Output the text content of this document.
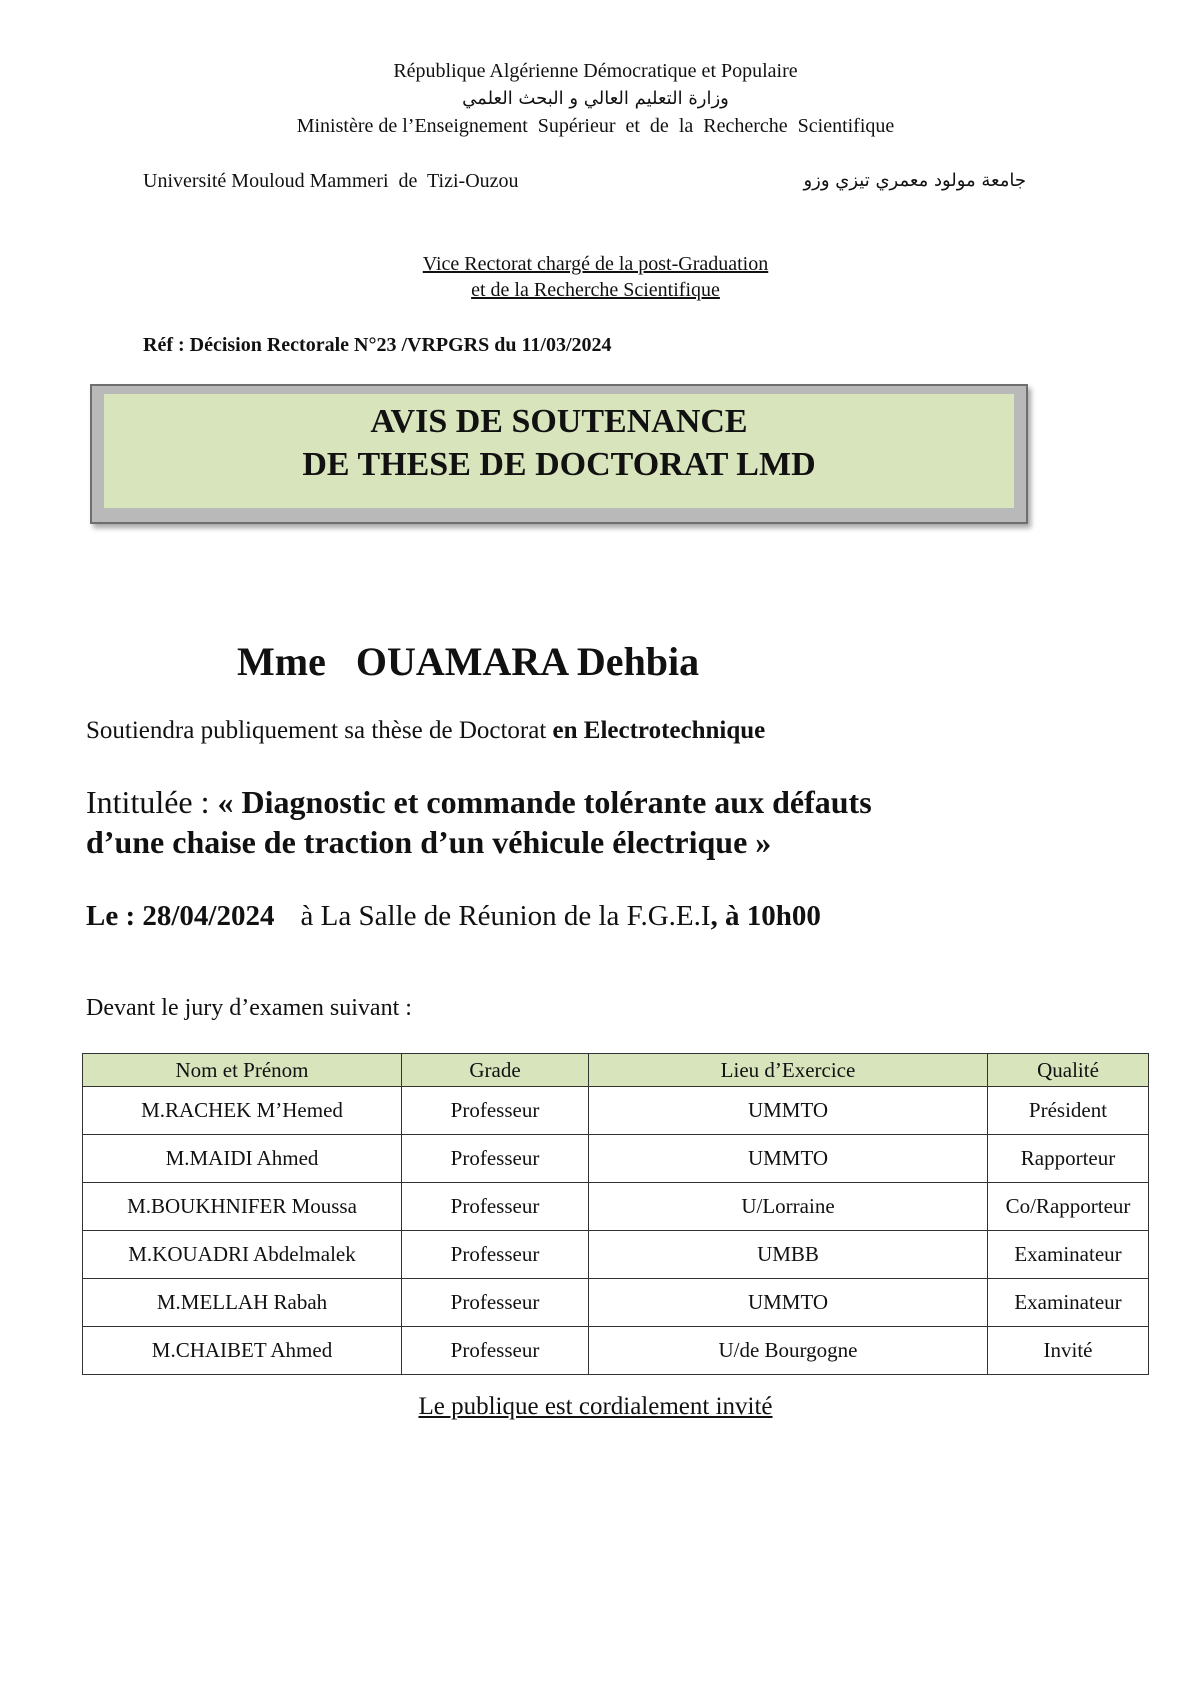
République Algérienne Démocratique et Populaire
وزارة التعليم العالي و البحث العلمي
Ministère de l’Enseignement  Supérieur  et  de  la  Recherche  Scientifique
Université Mouloud Mammeri  de  Tizi-Ouzou	جامعة مولود معمري تيزي وزو
Vice Rectorat chargé de la post-Graduation
et de la Recherche Scientifique
Réf : Décision Rectorale N°23 /VRPGRS du 11/03/2024
AVIS DE SOUTENANCE
DE THESE DE DOCTORAT LMD
Mme OUAMARA Dehbia
Soutiendra publiquement sa thèse de Doctorat en Electrotechnique
Intitulée : « Diagnostic et commande tolérante aux défauts
d’une chaise de traction d’un véhicule électrique »
Le : 28/04/2024 à La Salle de Réunion de la F.G.E.I, à 10h00
Devant le jury d’examen suivant :
Nom et Prénom	Grade	Lieu d’Exercice	Qualité
M.RACHEK M’Hemed	Professeur	UMMTO	Président
M.MAIDI Ahmed	Professeur	UMMTO	Rapporteur
M.BOUKHNIFER Moussa	Professeur	U/Lorraine	Co/Rapporteur
M.KOUADRI Abdelmalek	Professeur	UMBB	Examinateur
M.MELLAH Rabah	Professeur	UMMTO	Examinateur
M.CHAIBET Ahmed	Professeur	U/de Bourgogne	Invité
Le publique est cordialement invité
